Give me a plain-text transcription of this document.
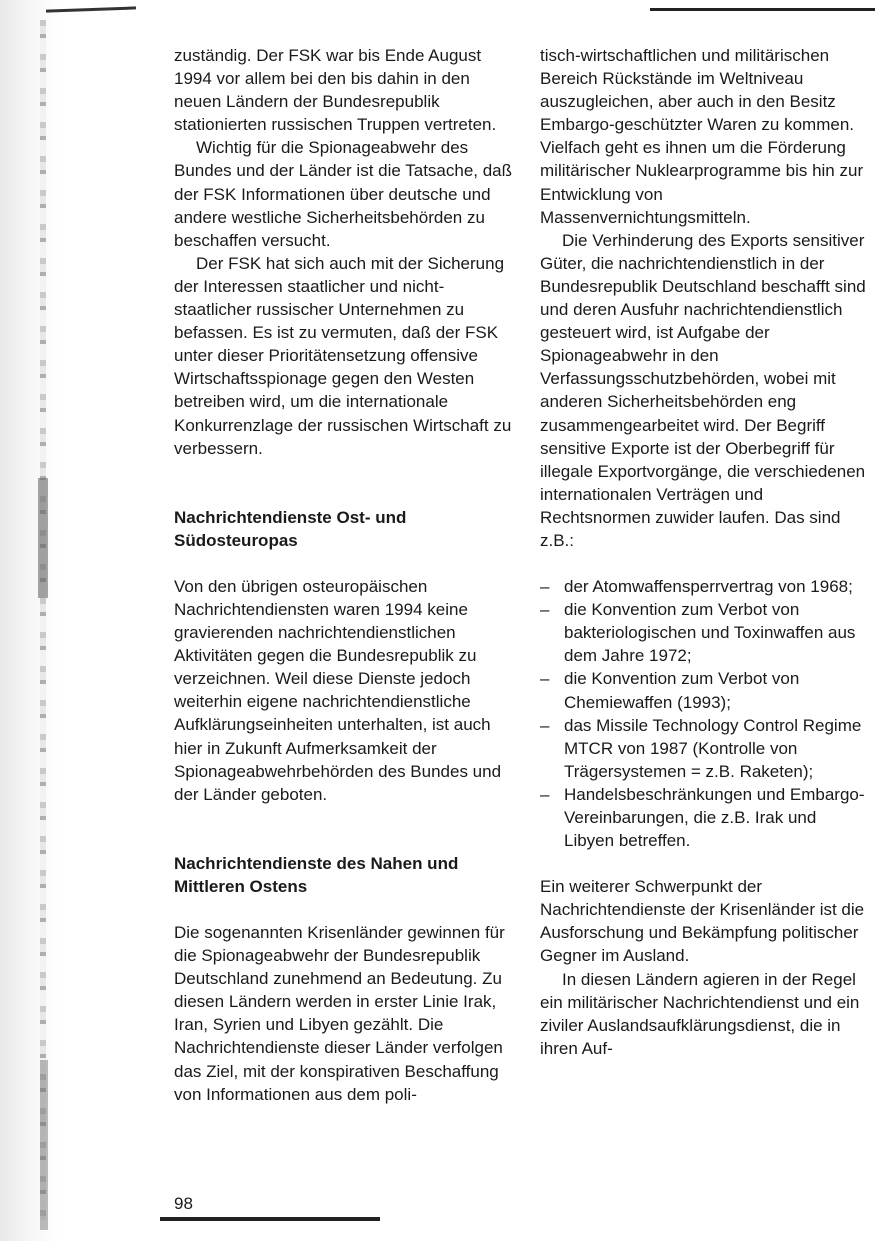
zuständig. Der FSK war bis Ende August 1994 vor allem bei den bis dahin in den neuen Ländern der Bundesrepublik stationierten russischen Truppen vertreten.

Wichtig für die Spionageabwehr des Bundes und der Länder ist die Tatsache, daß der FSK Informationen über deutsche und andere westliche Sicherheitsbehörden zu beschaffen versucht.

Der FSK hat sich auch mit der Sicherung der Interessen staatlicher und nicht-staatlicher russischer Unternehmen zu befassen. Es ist zu vermuten, daß der FSK unter dieser Prioritätensetzung offensive Wirtschaftsspionage gegen den Westen betreiben wird, um die internationale Konkurrenzlage der russischen Wirtschaft zu verbessern.

Nachrichtendienste Ost- und Südosteuropas

Von den übrigen osteuropäischen Nachrichtendiensten waren 1994 keine gravierenden nachrichtendienstlichen Aktivitäten gegen die Bundesrepublik zu verzeichnen. Weil diese Dienste jedoch weiterhin eigene nachrichtendienstliche Aufklärungseinheiten unterhalten, ist auch hier in Zukunft Aufmerksamkeit der Spionageabwehrbehörden des Bundes und der Länder geboten.

Nachrichtendienste des Nahen und Mittleren Ostens

Die sogenannten Krisenländer gewinnen für die Spionageabwehr der Bundesrepublik Deutschland zunehmend an Bedeutung. Zu diesen Ländern werden in erster Linie Irak, Iran, Syrien und Libyen gezählt. Die Nachrichtendienste dieser Länder verfolgen das Ziel, mit der konspirativen Beschaffung von Informationen aus dem poli-

tisch-wirtschaftlichen und militärischen Bereich Rückstände im Weltniveau auszugleichen, aber auch in den Besitz Embargo-geschützter Waren zu kommen. Vielfach geht es ihnen um die Förderung militärischer Nuklearprogramme bis hin zur Entwicklung von Massenvernichtungsmitteln.

Die Verhinderung des Exports sensitiver Güter, die nachrichtendienstlich in der Bundesrepublik Deutschland beschafft sind und deren Ausfuhr nachrichtendienstlich gesteuert wird, ist Aufgabe der Spionageabwehr in den Verfassungsschutzbehörden, wobei mit anderen Sicherheitsbehörden eng zusammengearbeitet wird. Der Begriff sensitive Exporte ist der Oberbegriff für illegale Exportvorgänge, die verschiedenen internationalen Verträgen und Rechtsnormen zuwider laufen. Das sind z.B.:

– der Atomwaffensperrvertrag von 1968;
– die Konvention zum Verbot von bakteriologischen und Toxinwaffen aus dem Jahre 1972;
– die Konvention zum Verbot von Chemiewaffen (1993);
– das Missile Technology Control Regime MTCR von 1987 (Kontrolle von Trägersystemen = z.B. Raketen);
– Handelsbeschränkungen und Embargo-Vereinbarungen, die z.B. Irak und Libyen betreffen.

Ein weiterer Schwerpunkt der Nachrichtendienste der Krisenländer ist die Ausforschung und Bekämpfung politischer Gegner im Ausland.

In diesen Ländern agieren in der Regel ein militärischer Nachrichtendienst und ein ziviler Auslandsaufklärungsdienst, die in ihren Auf-

98
